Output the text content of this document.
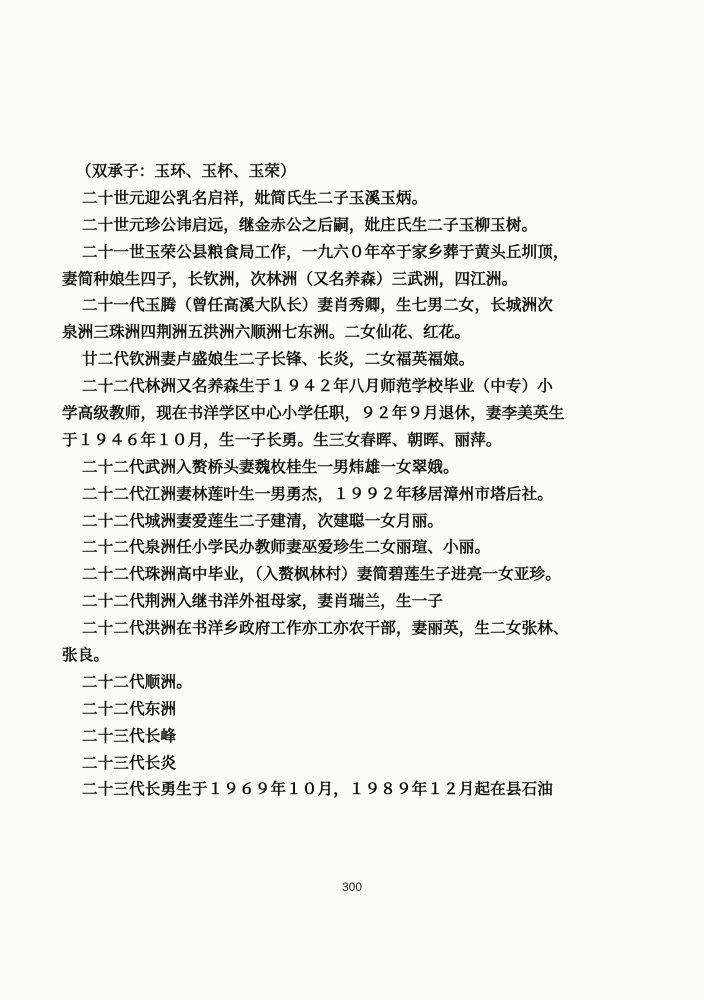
（双承子：玉环、玉杯、玉荣）
二十世元迎公乳名启祥，妣简氏生二子玉溪玉炳。
二十世元珍公讳启远，继金赤公之后嗣，妣庄氏生二子玉柳玉树。
二十一世玉荣公县粮食局工作，一九六０年卒于家乡葬于黄头丘圳顶，
妻简种娘生四子，长钦洲，次林洲（又名养森）三武洲，四江洲。
二十一代玉腾（曾任高溪大队长）妻肖秀卿，生七男二女，长城洲次
泉洲三珠洲四荆洲五洪洲六顺洲七东洲。二女仙花、红花。
廿二代钦洲妻卢盛娘生二子长锋、长炎，二女福英福娘。
二十二代林洲又名养森生于１９４２年八月师范学校毕业（中专）小
学高级教师，现在书洋学区中心小学任职，９２年９月退休，妻李美英生
于１９４６年１０月，生一子长勇。生三女春晖、朝晖、丽萍。
二十二代武洲入赘桥头妻魏枚桂生一男炜雄一女翠娥。
二十二代江洲妻林莲叶生一男勇杰，１９９２年移居漳州市塔后社。
二十二代城洲妻爱莲生二子建清，次建聪一女月丽。
二十二代泉洲任小学民办教师妻巫爱珍生二女丽瑄、小丽。
二十二代珠洲高中毕业，（入赘枫林村）妻简碧莲生子进亮一女亚珍。
二十二代荆洲入继书洋外祖母家，妻肖瑞兰，生一子
二十二代洪洲在书洋乡政府工作亦工亦农干部，妻丽英，生二女张林、
张良。
二十二代顺洲。
二十二代东洲
二十三代长峰
二十三代长炎
二十三代长勇生于１９６９年１０月，１９８９年１２月起在县石油
300
